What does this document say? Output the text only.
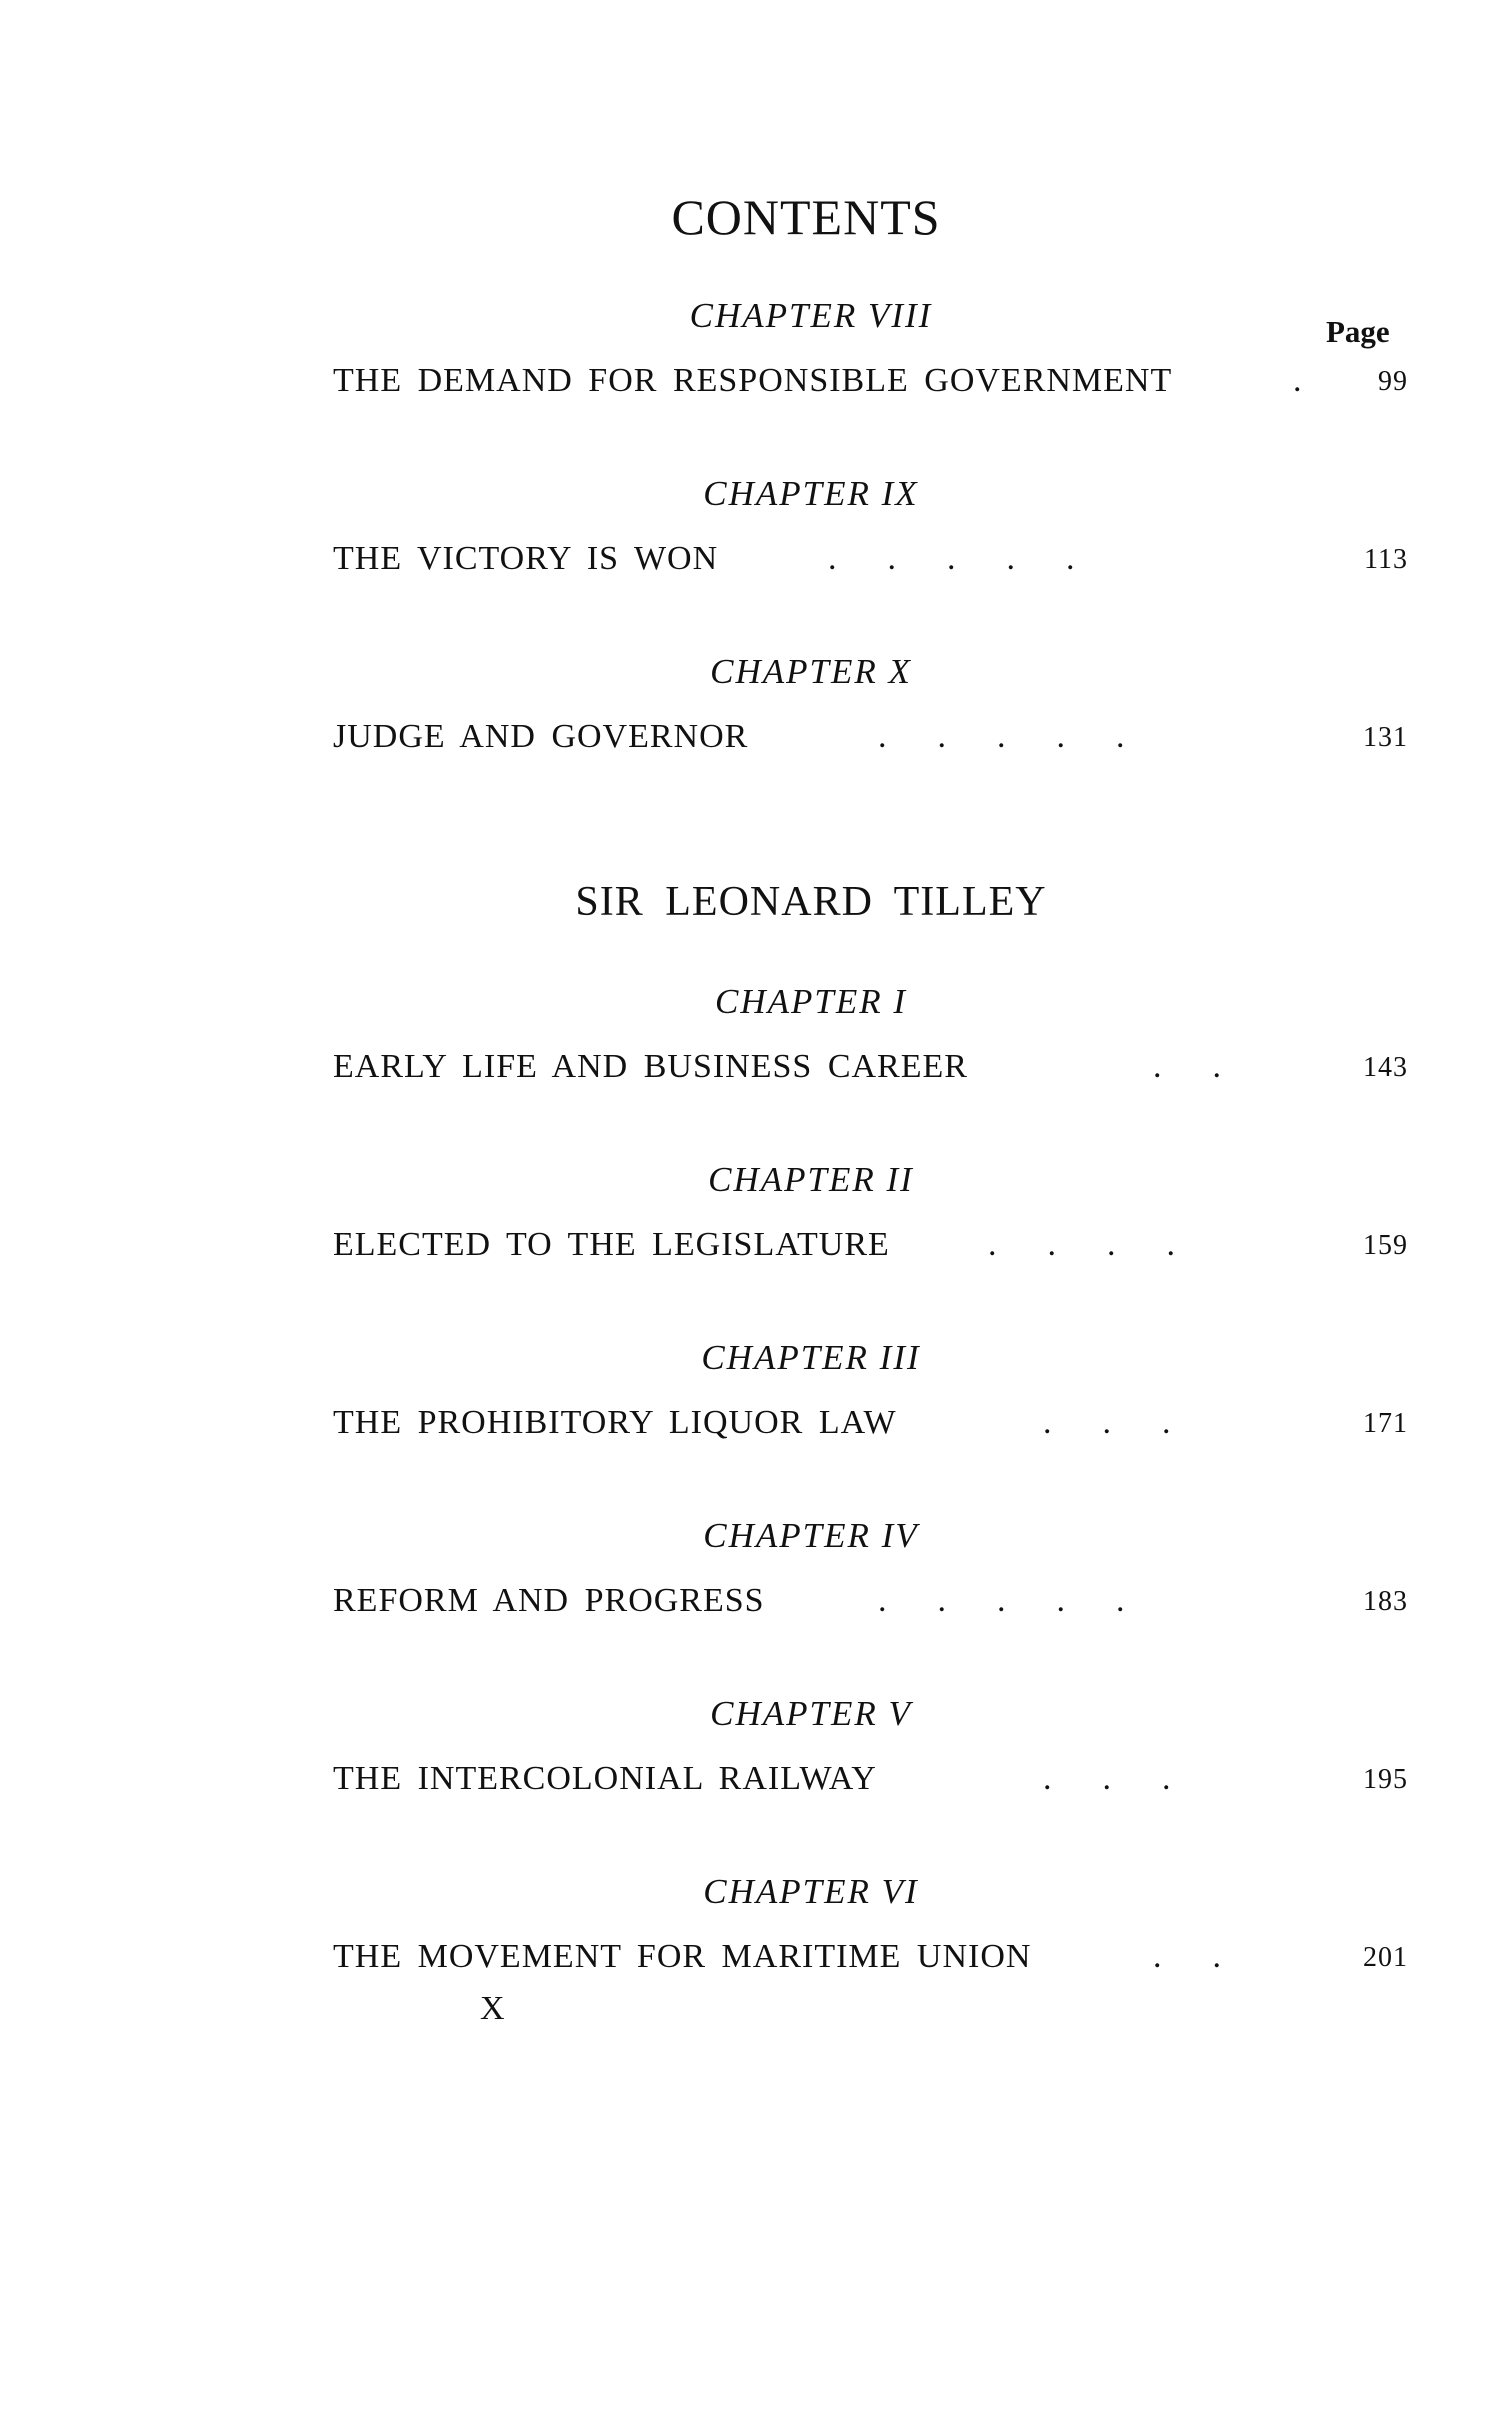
CONTENTS
Page
CHAPTER VIII
THE DEMAND FOR RESPONSIBLE GOVERNMENT	.	99
CHAPTER IX
THE VICTORY IS WON	.      .      .      .      .	113
CHAPTER X
JUDGE AND GOVERNOR	.      .      .      .      .	131
SIR LEONARD TILLEY
CHAPTER I
EARLY LIFE AND BUSINESS CAREER	.      .	143
CHAPTER II
ELECTED TO THE LEGISLATURE	.      .      .      .	159
CHAPTER III
THE PROHIBITORY LIQUOR LAW	.      .      .	171
CHAPTER IV
REFORM AND PROGRESS	.      .      .      .      .	183
CHAPTER V
THE INTERCOLONIAL RAILWAY	.      .      .	195
CHAPTER VI
THE MOVEMENT FOR MARITIME UNION	.      .	201
X
